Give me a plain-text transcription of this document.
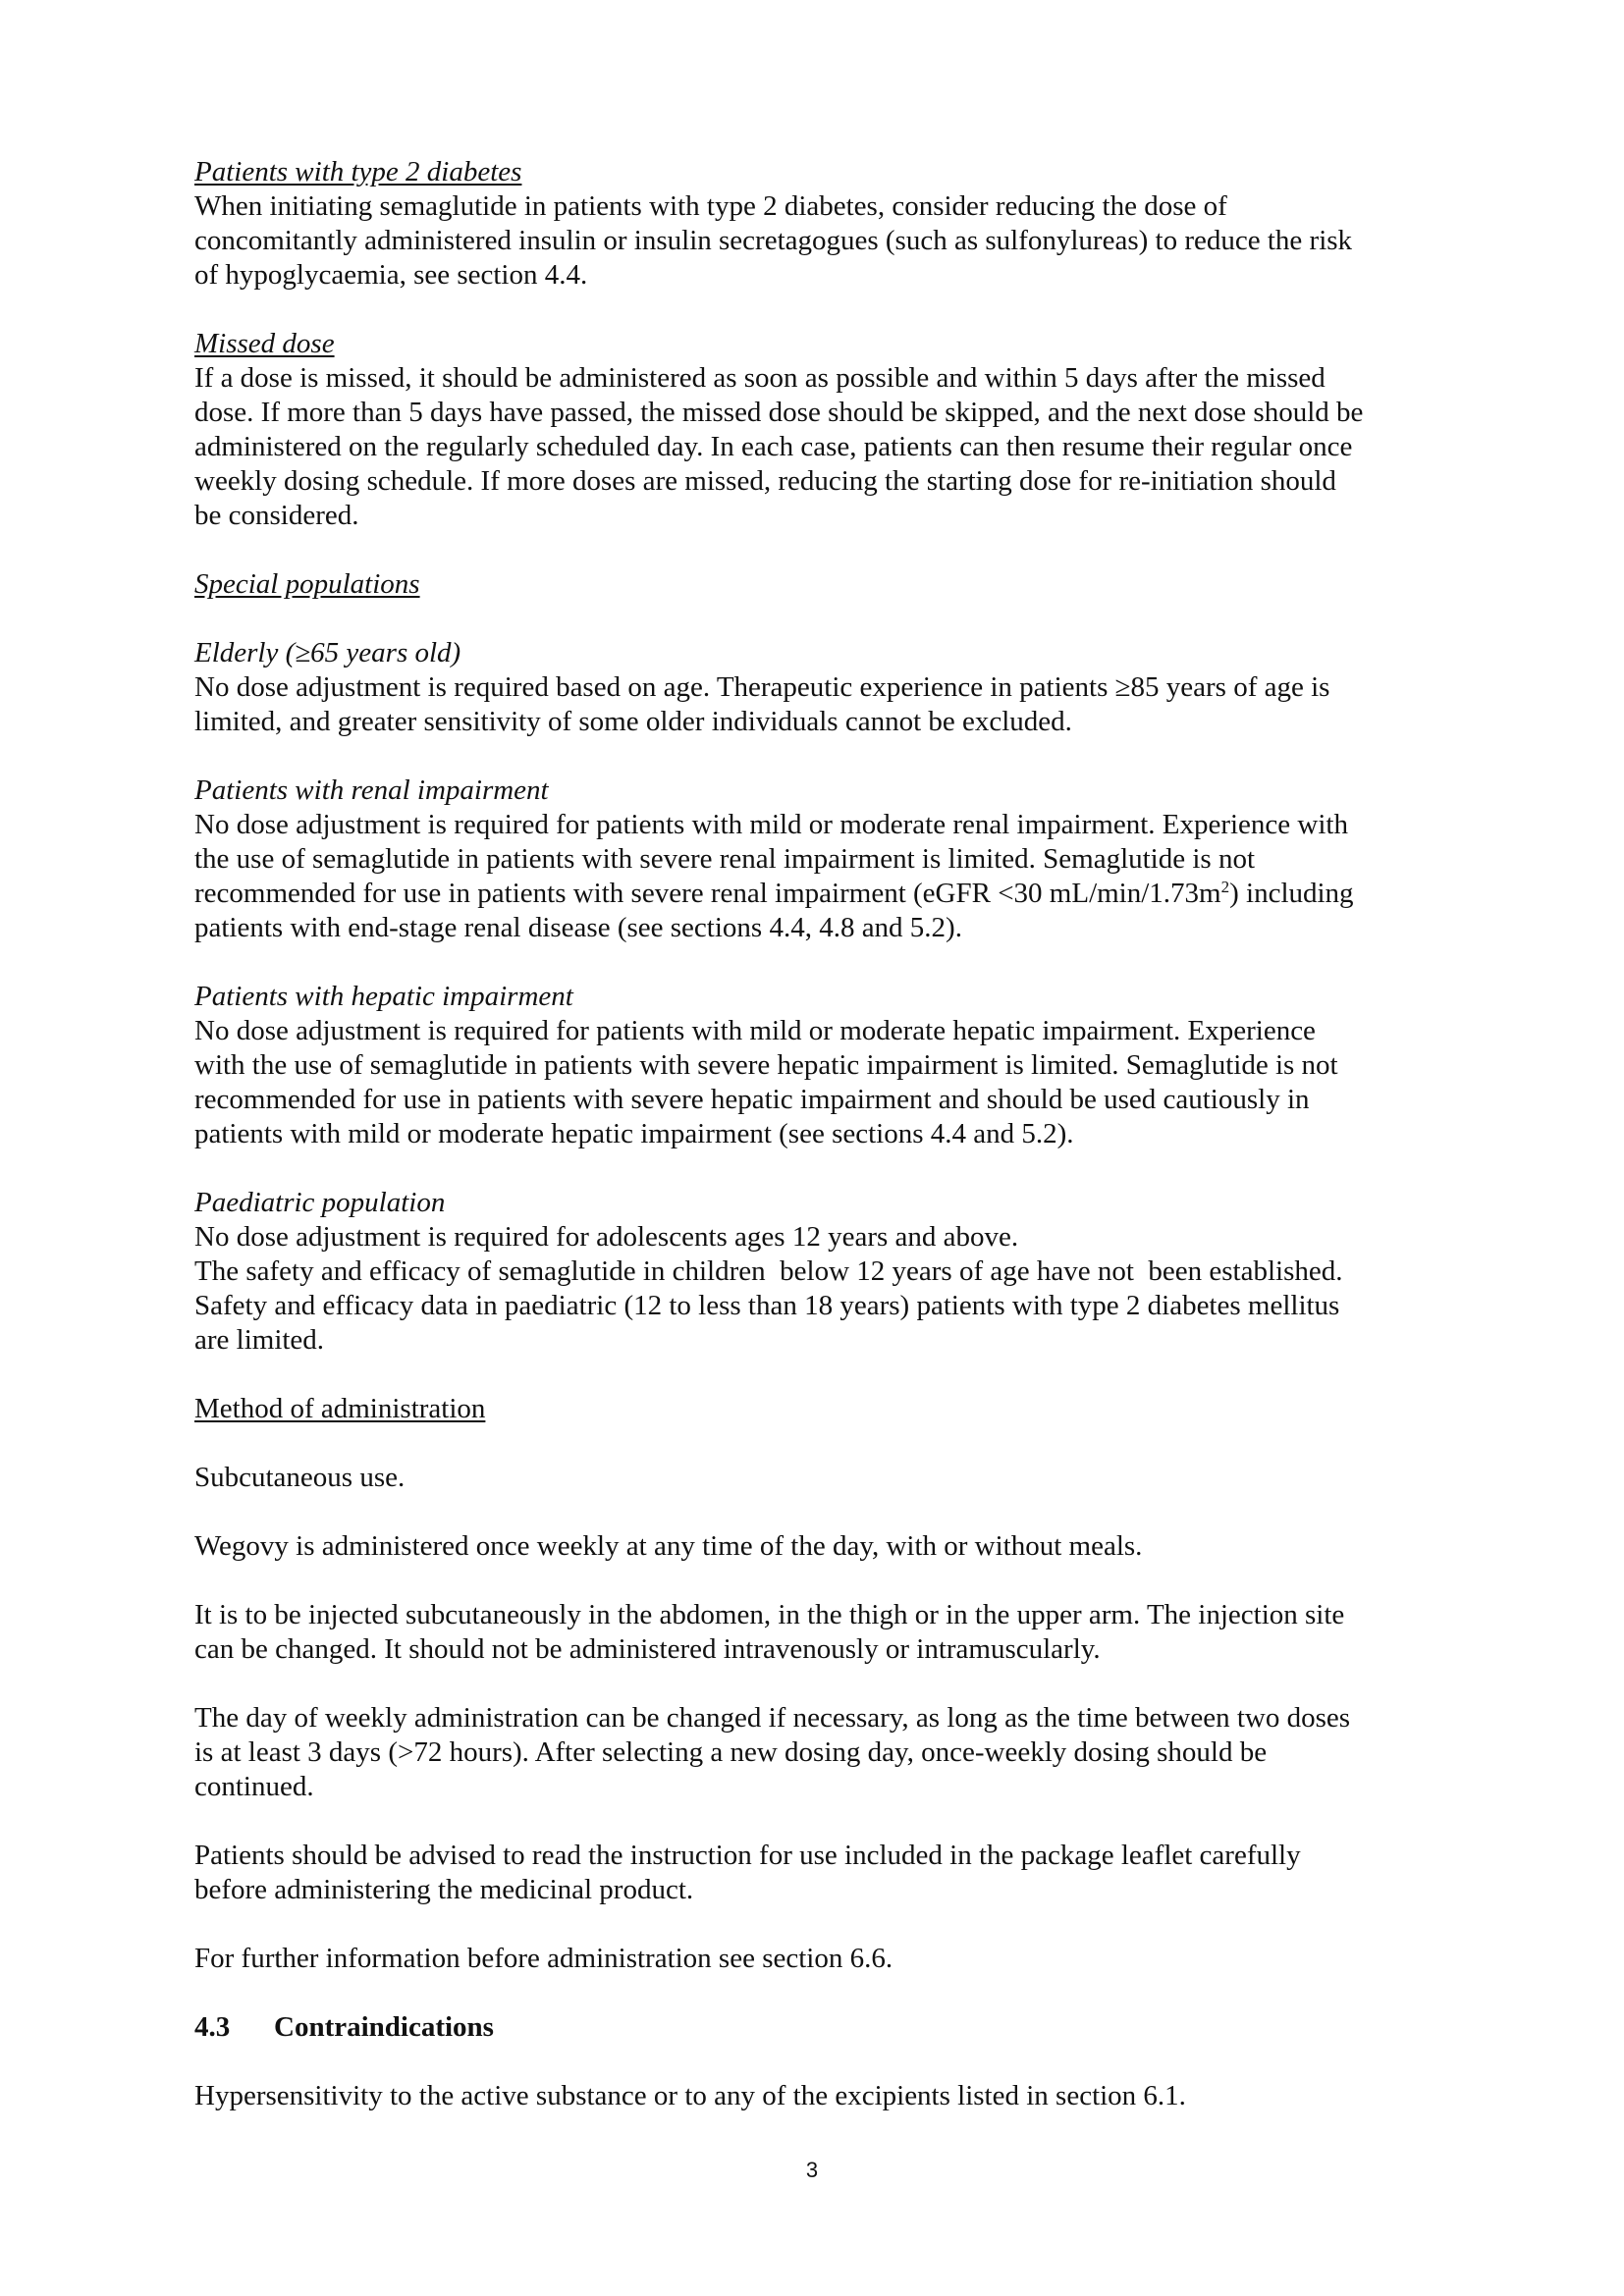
Patients with type 2 diabetes

When initiating semaglutide in patients with type 2 diabetes, consider reducing the dose of

concomitantly administered insulin or insulin secretagogues (such as sulfonylureas) to reduce the risk

of hypoglycaemia, see section 4.4.

Missed dose

If a dose is missed, it should be administered as soon as possible and within 5 days after the missed

dose. If more than 5 days have passed, the missed dose should be skipped, and the next dose should be

administered on the regularly scheduled day. In each case, patients can then resume their regular once

weekly dosing schedule. If more doses are missed, reducing the starting dose for re-initiation should

be considered.

Special populations

Elderly (≥65 years old)

No dose adjustment is required based on age. Therapeutic experience in patients ≥85 years of age is

limited, and greater sensitivity of some older individuals cannot be excluded.

Patients with renal impairment

No dose adjustment is required for patients with mild or moderate renal impairment. Experience with

the use of semaglutide in patients with severe renal impairment is limited. Semaglutide is not

recommended for use in patients with severe renal impairment (eGFR <30 $mL/\min/1.73m^2$) including

patients with end-stage renal disease (see sections 4.4, 4.8 and 5.2).

Patients with hepatic impairment

No dose adjustment is required for patients with mild or moderate hepatic impairment. Experience

with the use of semaglutide in patients with severe hepatic impairment is limited. Semaglutide is not

recommended for use in patients with severe hepatic impairment and should be used cautiously in

patients with mild or moderate hepatic impairment (see sections 4.4 and 5.2).

Paediatric population

No dose adjustment is required for adolescents ages 12 years and above.

The safety and efficacy of semaglutide in children  below 12 years of age have not  been established.

Safety and efficacy data in paediatric (12 to less than 18 years) patients with type 2 diabetes mellitus

are limited.

Method of administration

Subcutaneous use.

Wegovy is administered once weekly at any time of the day, with or without meals.

It is to be injected subcutaneously in the abdomen, in the thigh or in the upper arm. The injection site

can be changed. It should not be administered intravenously or intramuscularly.

The day of weekly administration can be changed if necessary, as long as the time between two doses

is at least 3 days (>72 hours). After selecting a new dosing day, once-weekly dosing should be

continued.

Patients should be advised to read the instruction for use included in the package leaflet carefully

before administering the medicinal product.

For further information before administration see section 6.6.

4.3 Contraindications

Hypersensitivity to the active substance or to any of the excipients listed in section 6.1.

3
